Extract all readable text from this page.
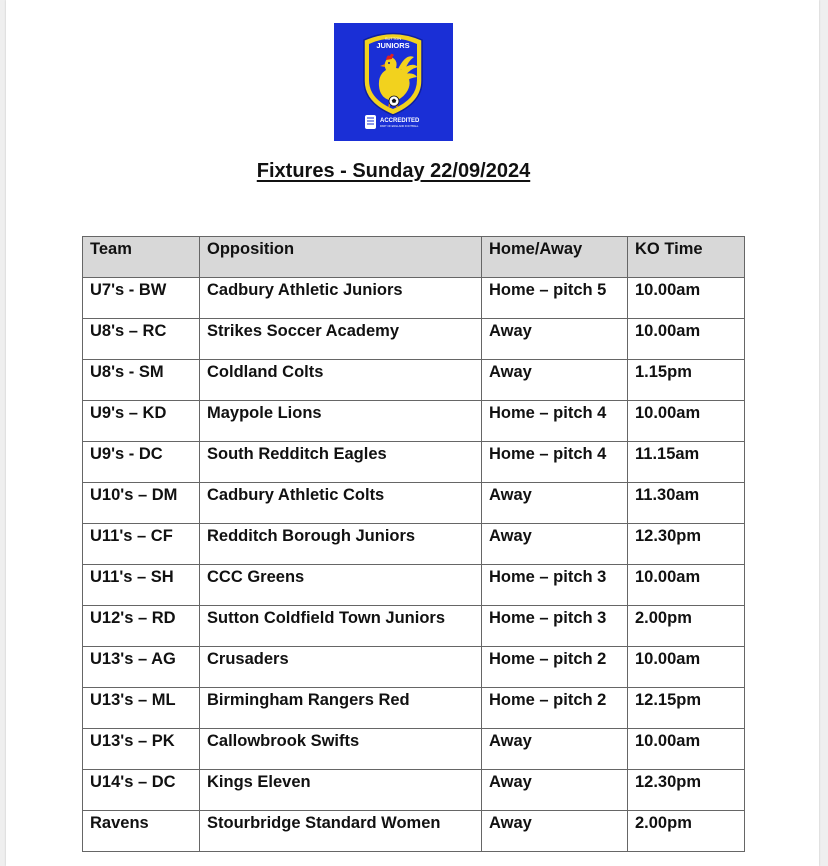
SUTTON
JUNIORS
ACCREDITED
PART OF ENGLAND FOOTBALL
Fixtures - Sunday 22/09/2024
Team	Opposition	Home/Away	KO Time
U7's - BW	Cadbury Athletic Juniors	Home – pitch 5	10.00am
U8's – RC	Strikes Soccer Academy	Away	10.00am
U8's - SM	Coldland Colts	Away	1.15pm
U9's – KD	Maypole Lions	Home – pitch 4	10.00am
U9's - DC	South Redditch Eagles	Home – pitch 4	11.15am
U10's – DM	Cadbury Athletic Colts	Away	11.30am
U11's – CF	Redditch Borough Juniors	Away	12.30pm
U11's – SH	CCC Greens	Home – pitch 3	10.00am
U12's – RD	Sutton Coldfield Town Juniors	Home – pitch 3	2.00pm
U13's – AG	Crusaders	Home – pitch 2	10.00am
U13's – ML	Birmingham Rangers Red	Home – pitch 2	12.15pm
U13's – PK	Callowbrook Swifts	Away	10.00am
U14's – DC	Kings Eleven	Away	12.30pm
Ravens	Stourbridge Standard Women	Away	2.00pm
